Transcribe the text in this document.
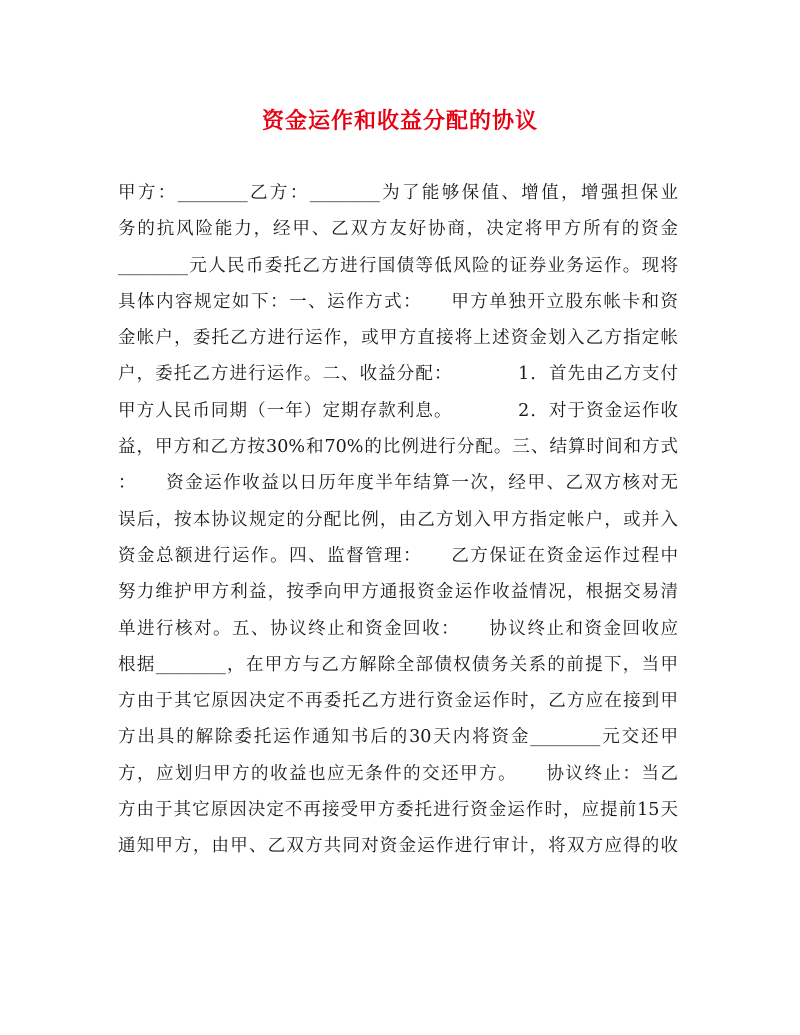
资金运作和收益分配的协议
甲方：________乙方：________为了能够保值、增值，增强担保业
务的抗风险能力，经甲、乙双方友好协商，决定将甲方所有的资金
________元人民币委托乙方进行国债等低风险的证券业务运作。现将
具体内容规定如下：一、运作方式：　　甲方单独开立股东帐卡和资
金帐户，委托乙方进行运作，或甲方直接将上述资金划入乙方指定帐
户，委托乙方进行运作。二、收益分配：　　　　1．首先由乙方支付
甲方人民币同期（一年）定期存款利息。　　　　2．对于资金运作收
益，甲方和乙方按30%和70%的比例进行分配。三、结算时间和方式
：　　资金运作收益以日历年度半年结算一次，经甲、乙双方核对无
误后，按本协议规定的分配比例，由乙方划入甲方指定帐户，或并入
资金总额进行运作。四、监督管理：　　乙方保证在资金运作过程中
努力维护甲方利益，按季向甲方通报资金运作收益情况，根据交易清
单进行核对。五、协议终止和资金回收：　　协议终止和资金回收应
根据________，在甲方与乙方解除全部债权债务关系的前提下，当甲
方由于其它原因决定不再委托乙方进行资金运作时，乙方应在接到甲
方出具的解除委托运作通知书后的30天内将资金________元交还甲
方，应划归甲方的收益也应无条件的交还甲方。　　协议终止：当乙
方由于其它原因决定不再接受甲方委托进行资金运作时，应提前15天
通知甲方，由甲、乙双方共同对资金运作进行审计，将双方应得的收
